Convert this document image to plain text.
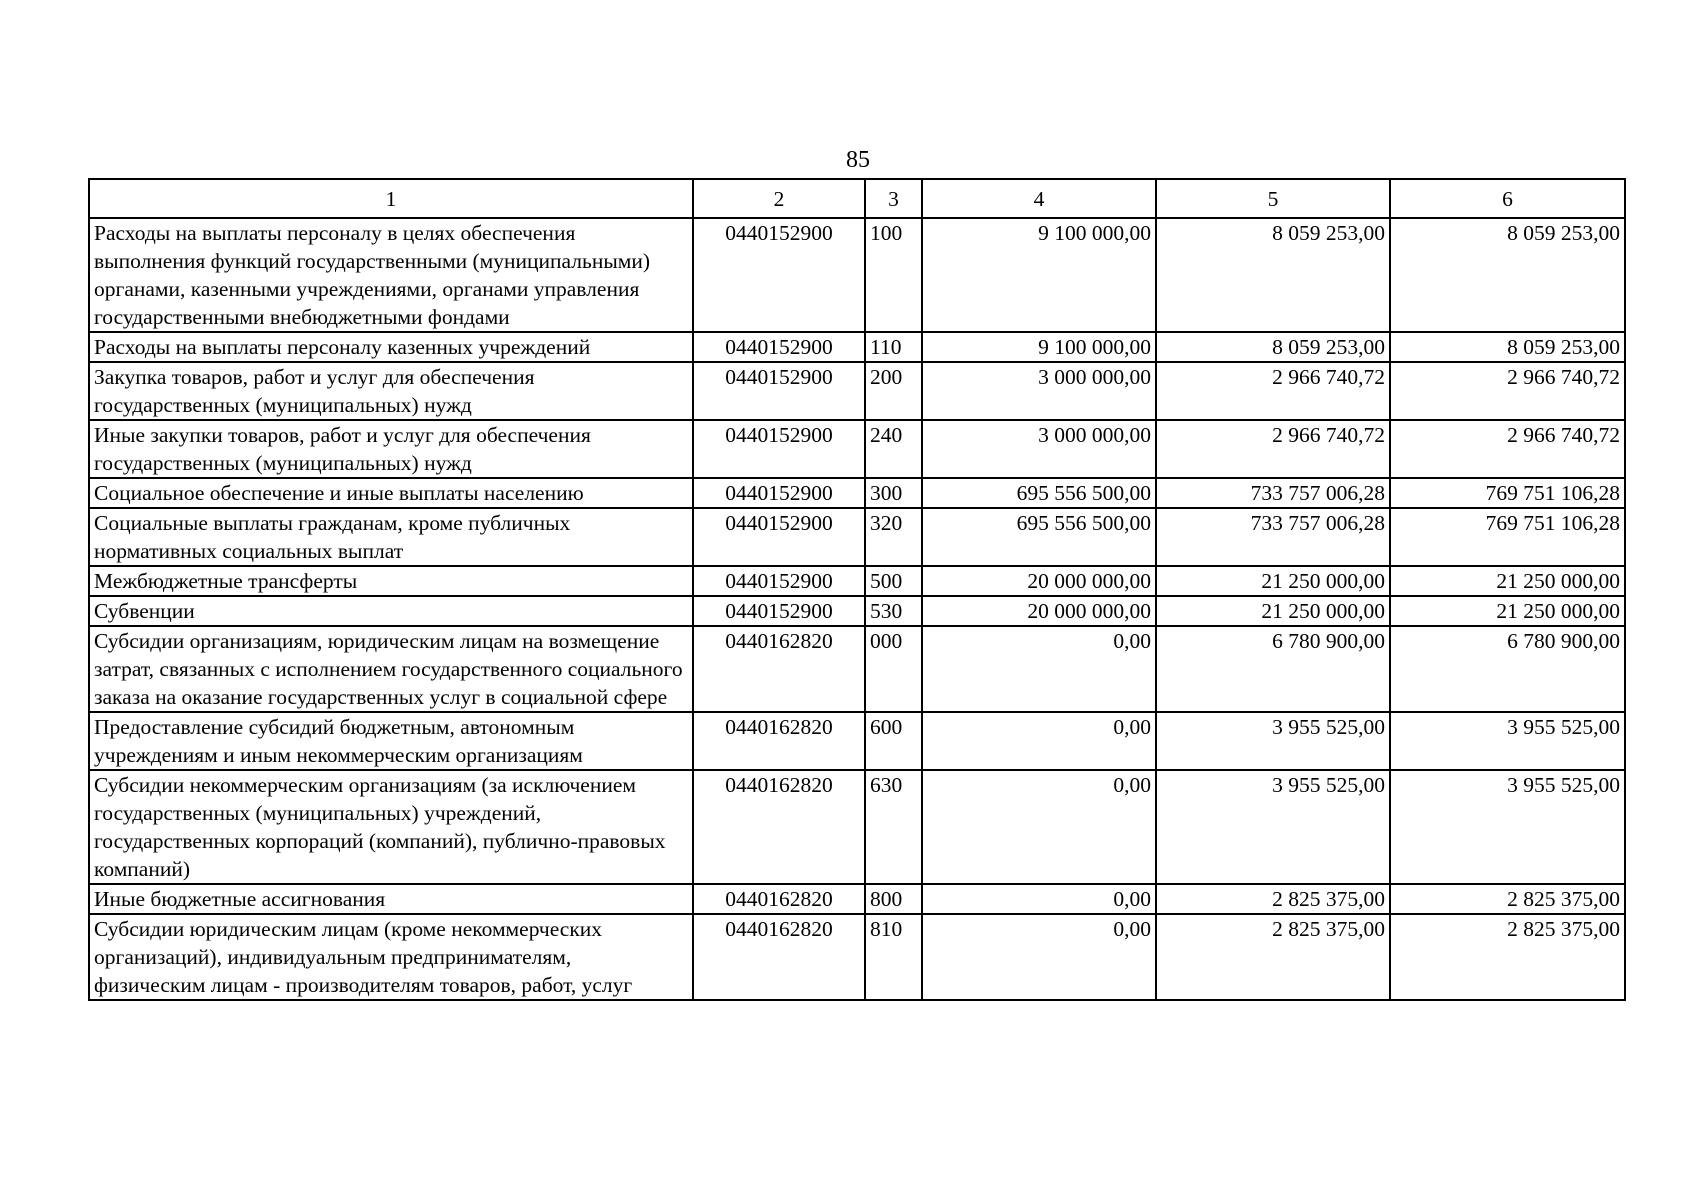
85
1	2	3	4	5	6
Расходы на выплаты персоналу в целях обеспечения выполнения функций государственными (муниципальными) органами, казенными учреждениями, органами управления государственными внебюджетными фондами	0440152900	100	9 100 000,00	8 059 253,00	8 059 253,00
Расходы на выплаты персоналу казенных учреждений	0440152900	110	9 100 000,00	8 059 253,00	8 059 253,00
Закупка товаров, работ и услуг для обеспечения государственных (муниципальных) нужд	0440152900	200	3 000 000,00	2 966 740,72	2 966 740,72
Иные закупки товаров, работ и услуг для обеспечения государственных (муниципальных) нужд	0440152900	240	3 000 000,00	2 966 740,72	2 966 740,72
Социальное обеспечение и иные выплаты населению	0440152900	300	695 556 500,00	733 757 006,28	769 751 106,28
Социальные выплаты гражданам, кроме публичных нормативных социальных выплат	0440152900	320	695 556 500,00	733 757 006,28	769 751 106,28
Межбюджетные трансферты	0440152900	500	20 000 000,00	21 250 000,00	21 250 000,00
Субвенции	0440152900	530	20 000 000,00	21 250 000,00	21 250 000,00
Субсидии организациям, юридическим лицам на возмещение затрат, связанных с исполнением государственного социального заказа на оказание государственных услуг в социальной сфере	0440162820	000	0,00	6 780 900,00	6 780 900,00
Предоставление субсидий бюджетным, автономным учреждениям и иным некоммерческим организациям	0440162820	600	0,00	3 955 525,00	3 955 525,00
Субсидии некоммерческим организациям (за исключением государственных (муниципальных) учреждений, государственных корпораций (компаний), публично-правовых компаний)	0440162820	630	0,00	3 955 525,00	3 955 525,00
Иные бюджетные ассигнования	0440162820	800	0,00	2 825 375,00	2 825 375,00
Субсидии юридическим лицам (кроме некоммерческих организаций), индивидуальным предпринимателям, физическим лицам - производителям товаров, работ, услуг	0440162820	810	0,00	2 825 375,00	2 825 375,00
